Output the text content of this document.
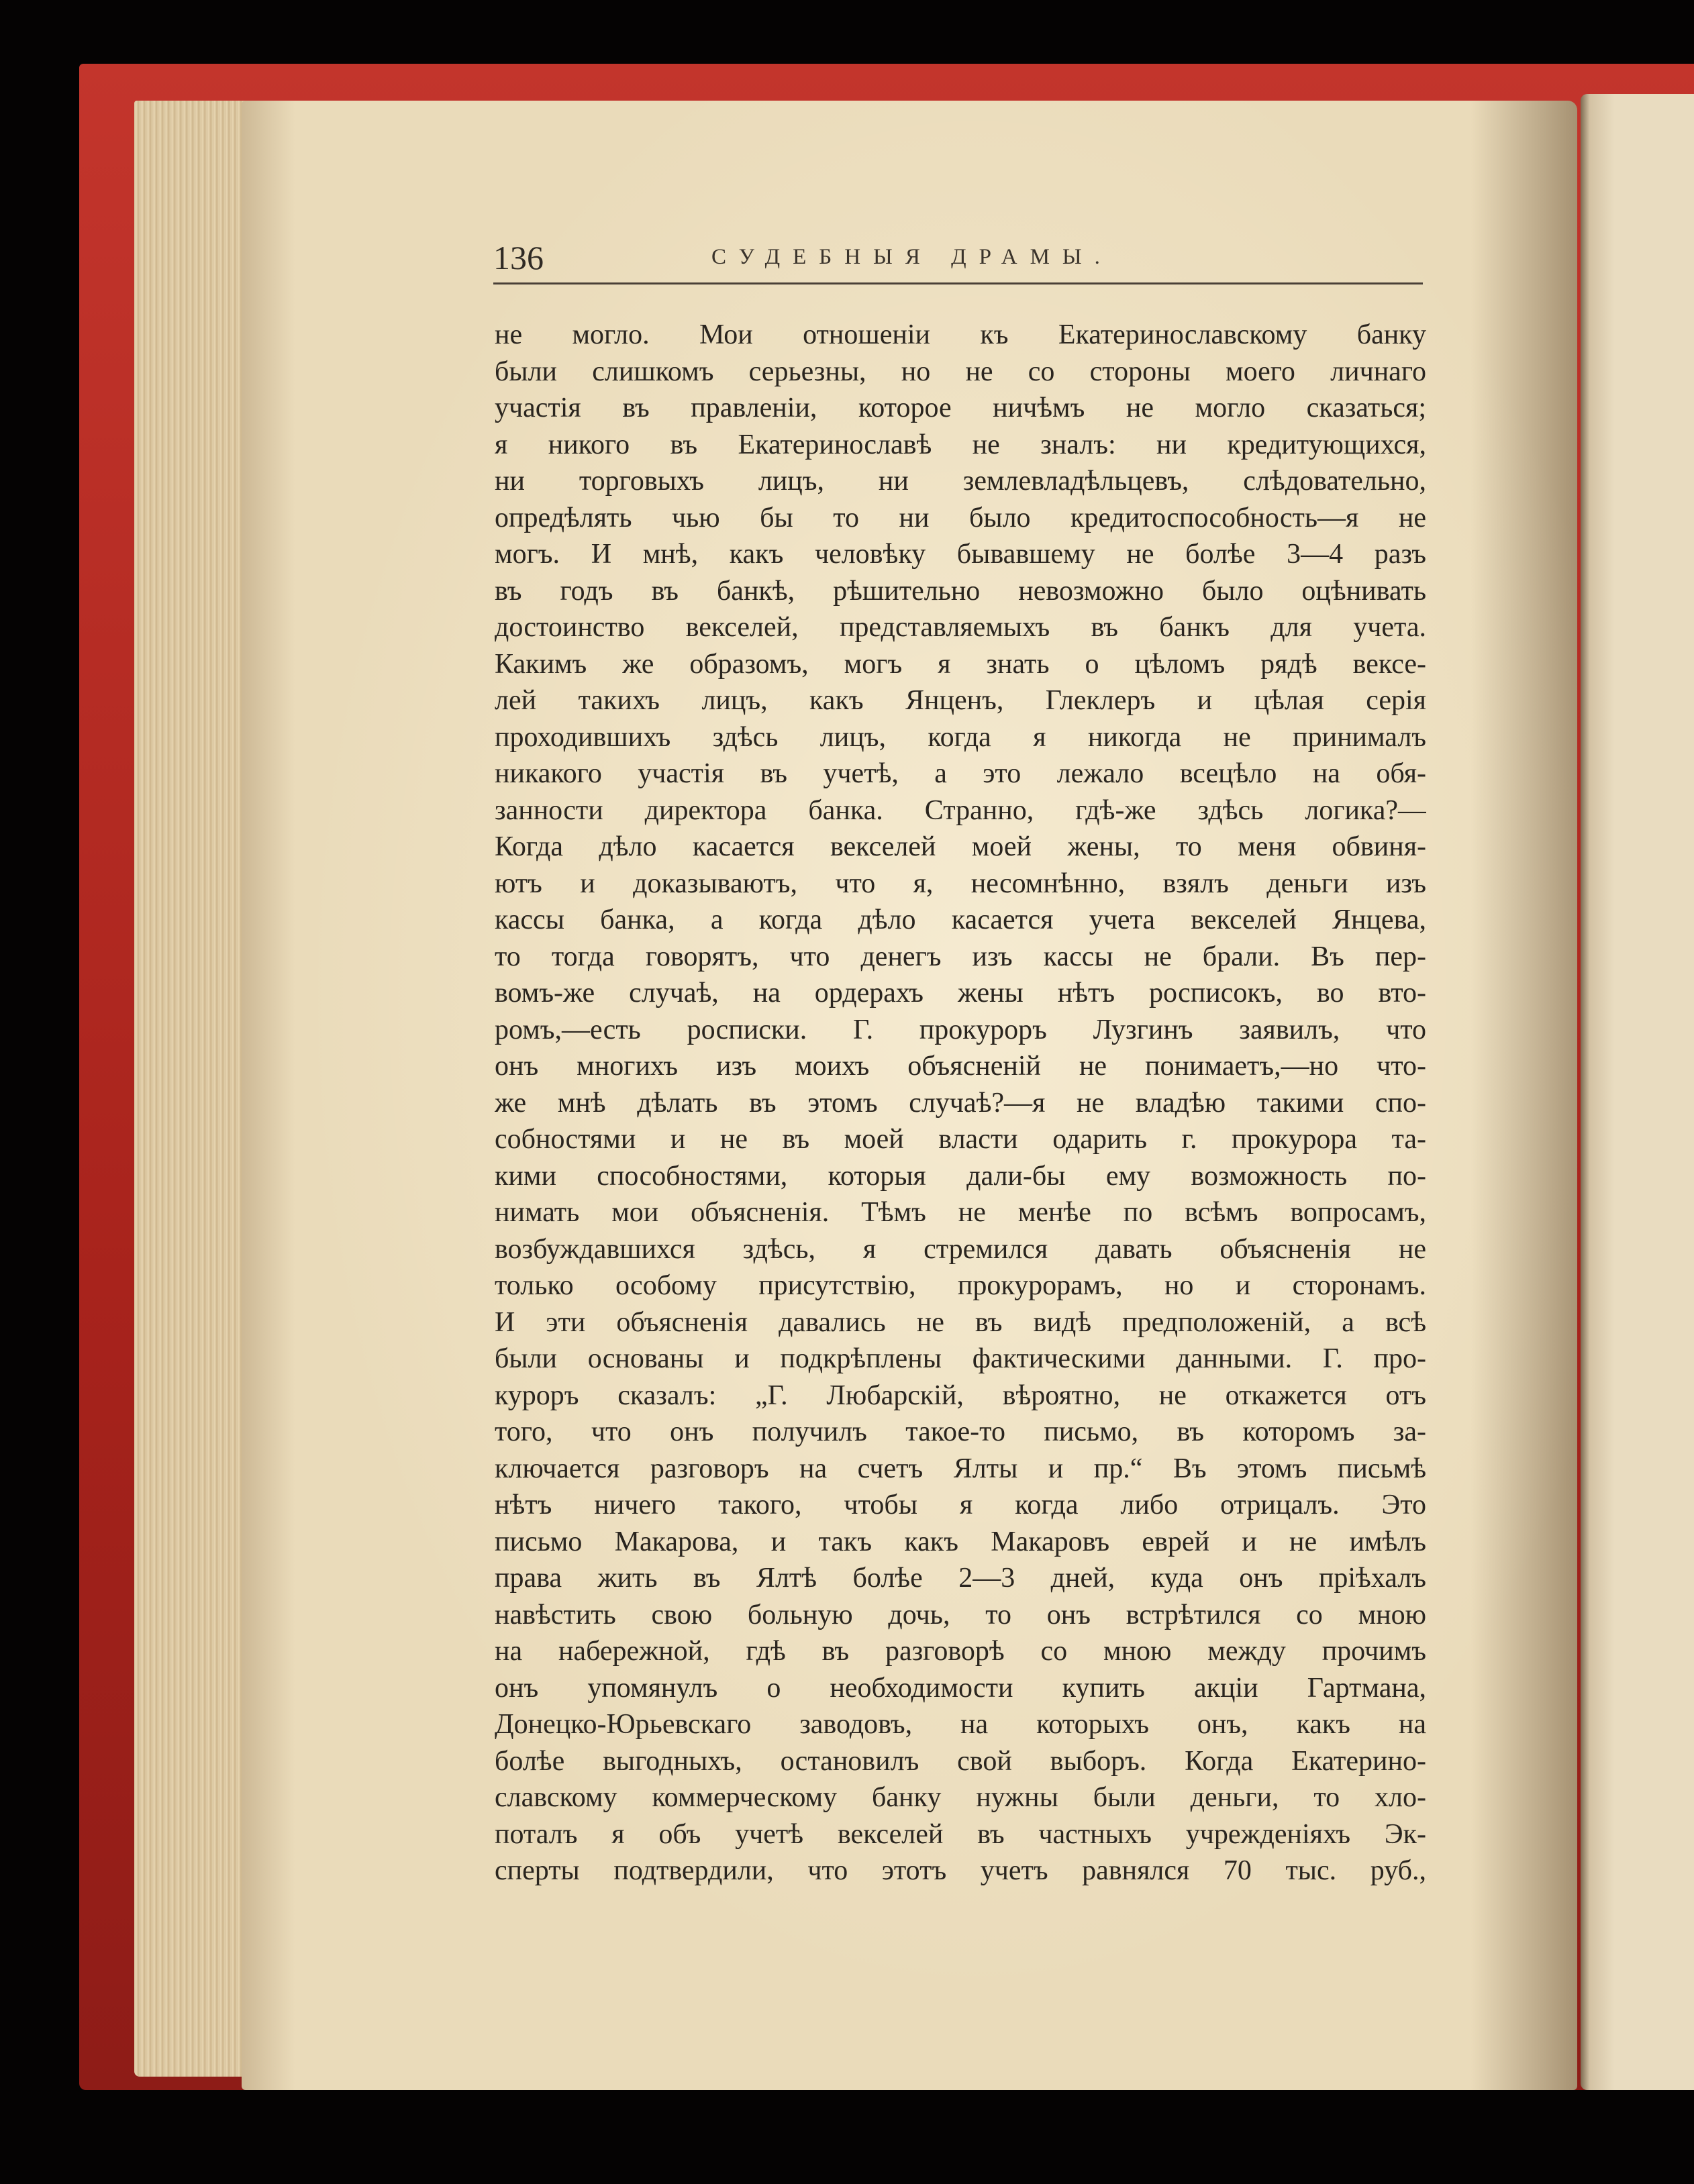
136	СУДЕБНЫЯ ДРАМЫ.
не могло. Мои отношенiи къ Екатеринославскому банку
были слишкомъ серьезны, но не со стороны моего личнаго
участiя въ правленiи, которое ничѣмъ не могло сказаться;
я никого въ Екатеринославѣ не зналъ: ни кредитующихся,
ни торговыхъ лицъ, ни землевладѣльцевъ, слѣдовательно,
опредѣлять чью бы то ни было кредитоспособность—я не
могъ. И мнѣ, какъ человѣку бывавшему не болѣе 3—4 разъ
въ годъ въ банкѣ, рѣшительно невозможно было оцѣнивать
достоинство векселей, представляемыхъ въ банкъ для учета.
Какимъ же образомъ, могъ я знать о цѣломъ рядѣ вексе-
лей такихъ лицъ, какъ Янценъ, Глеклеръ и цѣлая серiя
проходившихъ здѣсь лицъ, когда я никогда не принималъ
никакого участiя въ учетѣ, а это лежало всецѣло на обя-
занности директора банка. Странно, гдѣ-же здѣсь логика?—
Когда дѣло касается векселей моей жены, то меня обвиня-
ютъ и доказываютъ, что я, несомнѣнно, взялъ деньги изъ
кассы банка, а когда дѣло касается учета векселей Янцева,
то тогда говорятъ, что денегъ изъ кассы не брали. Въ пер-
вомъ-же случаѣ, на ордерахъ жены нѣтъ росписокъ, во вто-
ромъ,—есть росписки. Г. прокуроръ Лузгинъ заявилъ, что
онъ многихъ изъ моихъ объясненiй не понимаетъ,—но что-
же мнѣ дѣлать въ этомъ случаѣ?—я не владѣю такими спо-
собностями и не въ моей власти одарить г. прокурора та-
кими способностями, которыя дали-бы ему возможность по-
нимать мои объясненiя. Тѣмъ не менѣе по всѣмъ вопросамъ,
возбуждавшихся здѣсь, я стремился давать объясненiя не
только особому присутствiю, прокурорамъ, но и сторонамъ.
И эти объясненiя давались не въ видѣ предположенiй, а всѣ
были основаны и подкрѣплены фактическими данными. Г. про-
куроръ сказалъ: „Г. Любарскiй, вѣроятно, не откажется отъ
того, что онъ получилъ такое-то письмо, въ которомъ за-
ключается разговоръ на счетъ Ялты и пр.“ Въ этомъ письмѣ
нѣтъ ничего такого, чтобы я когда либо отрицалъ. Это
письмо Макарова, и такъ какъ Макаровъ еврей и не имѣлъ
права жить въ Ялтѣ болѣе 2—3 дней, куда онъ прiѣхалъ
навѣстить свою больную дочь, то онъ встрѣтился со мною
на набережной, гдѣ въ разговорѣ со мною между прочимъ
онъ упомянулъ о необходимости купить акцiи Гартмана,
Донецко-Юрьевскаго заводовъ, на которыхъ онъ, какъ на
болѣе выгодныхъ, остановилъ свой выборъ. Когда Екатерино-
славскому коммерческому банку нужны были деньги, то хло-
поталъ я объ учетѣ векселей въ частныхъ учрежденiяхъ Эк-
сперты подтвердили, что этотъ учетъ равнялся 70 тыс. руб.,
